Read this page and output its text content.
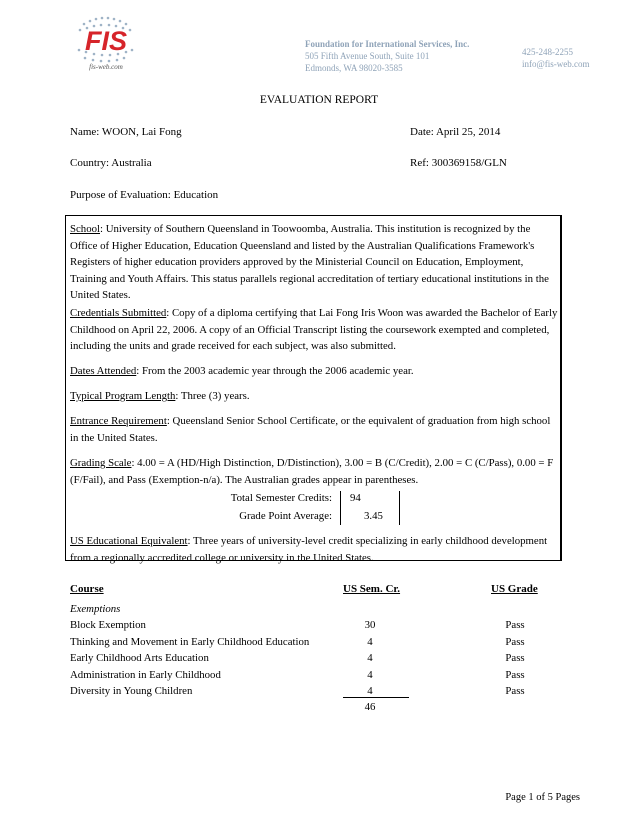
FIS
fis-web.com
Foundation for International Services, Inc.
505 Fifth Avenue South, Suite 101
Edmonds, WA 98020-3585
425-248-2255
info@fis-web.com
EVALUATION REPORT
Name: WOON, Lai Fong	Date: April 25, 2014
Country: Australia	Ref: 300369158/GLN
Purpose of Evaluation: Education
School: University of Southern Queensland in Toowoomba, Australia. This institution is recognized by the Office of Higher Education, Education Queensland and listed by the Australian Qualifications Framework's Registers of higher education providers approved by the Ministerial Council on Education, Employment, Training and Youth Affairs. This status parallels regional accreditation of tertiary educational institutions in the United States.
Credentials Submitted: Copy of a diploma certifying that Lai Fong Iris Woon was awarded the Bachelor of Early Childhood on April 22, 2006. A copy of an Official Transcript listing the coursework exempted and completed, including the units and grade received for each subject, was also submitted.
Dates Attended: From the 2003 academic year through the 2006 academic year.
Typical Program Length: Three (3) years.
Entrance Requirement: Queensland Senior School Certificate, or the equivalent of graduation from high school in the United States.
Grading Scale: 4.00 = A (HD/High Distinction, D/Distinction), 3.00 = B (C/Credit), 2.00 = C (C/Pass), 0.00 = F (F/Fail), and Pass (Exemption-n/a). The Australian grades appear in parentheses.
Total Semester Credits: 94
Grade Point Average:	3.45
US Educational Equivalent: Three years of university-level credit specializing in early childhood development from a regionally accredited college or university in the United States.
Course	US Sem. Cr.	US Grade
Exemptions
Block Exemption	30	Pass
Thinking and Movement in Early Childhood Education	4	Pass
Early Childhood Arts Education	4	Pass
Administration in Early Childhood	4	Pass
Diversity in Young Children	4	Pass
46
Page 1 of 5 Pages
